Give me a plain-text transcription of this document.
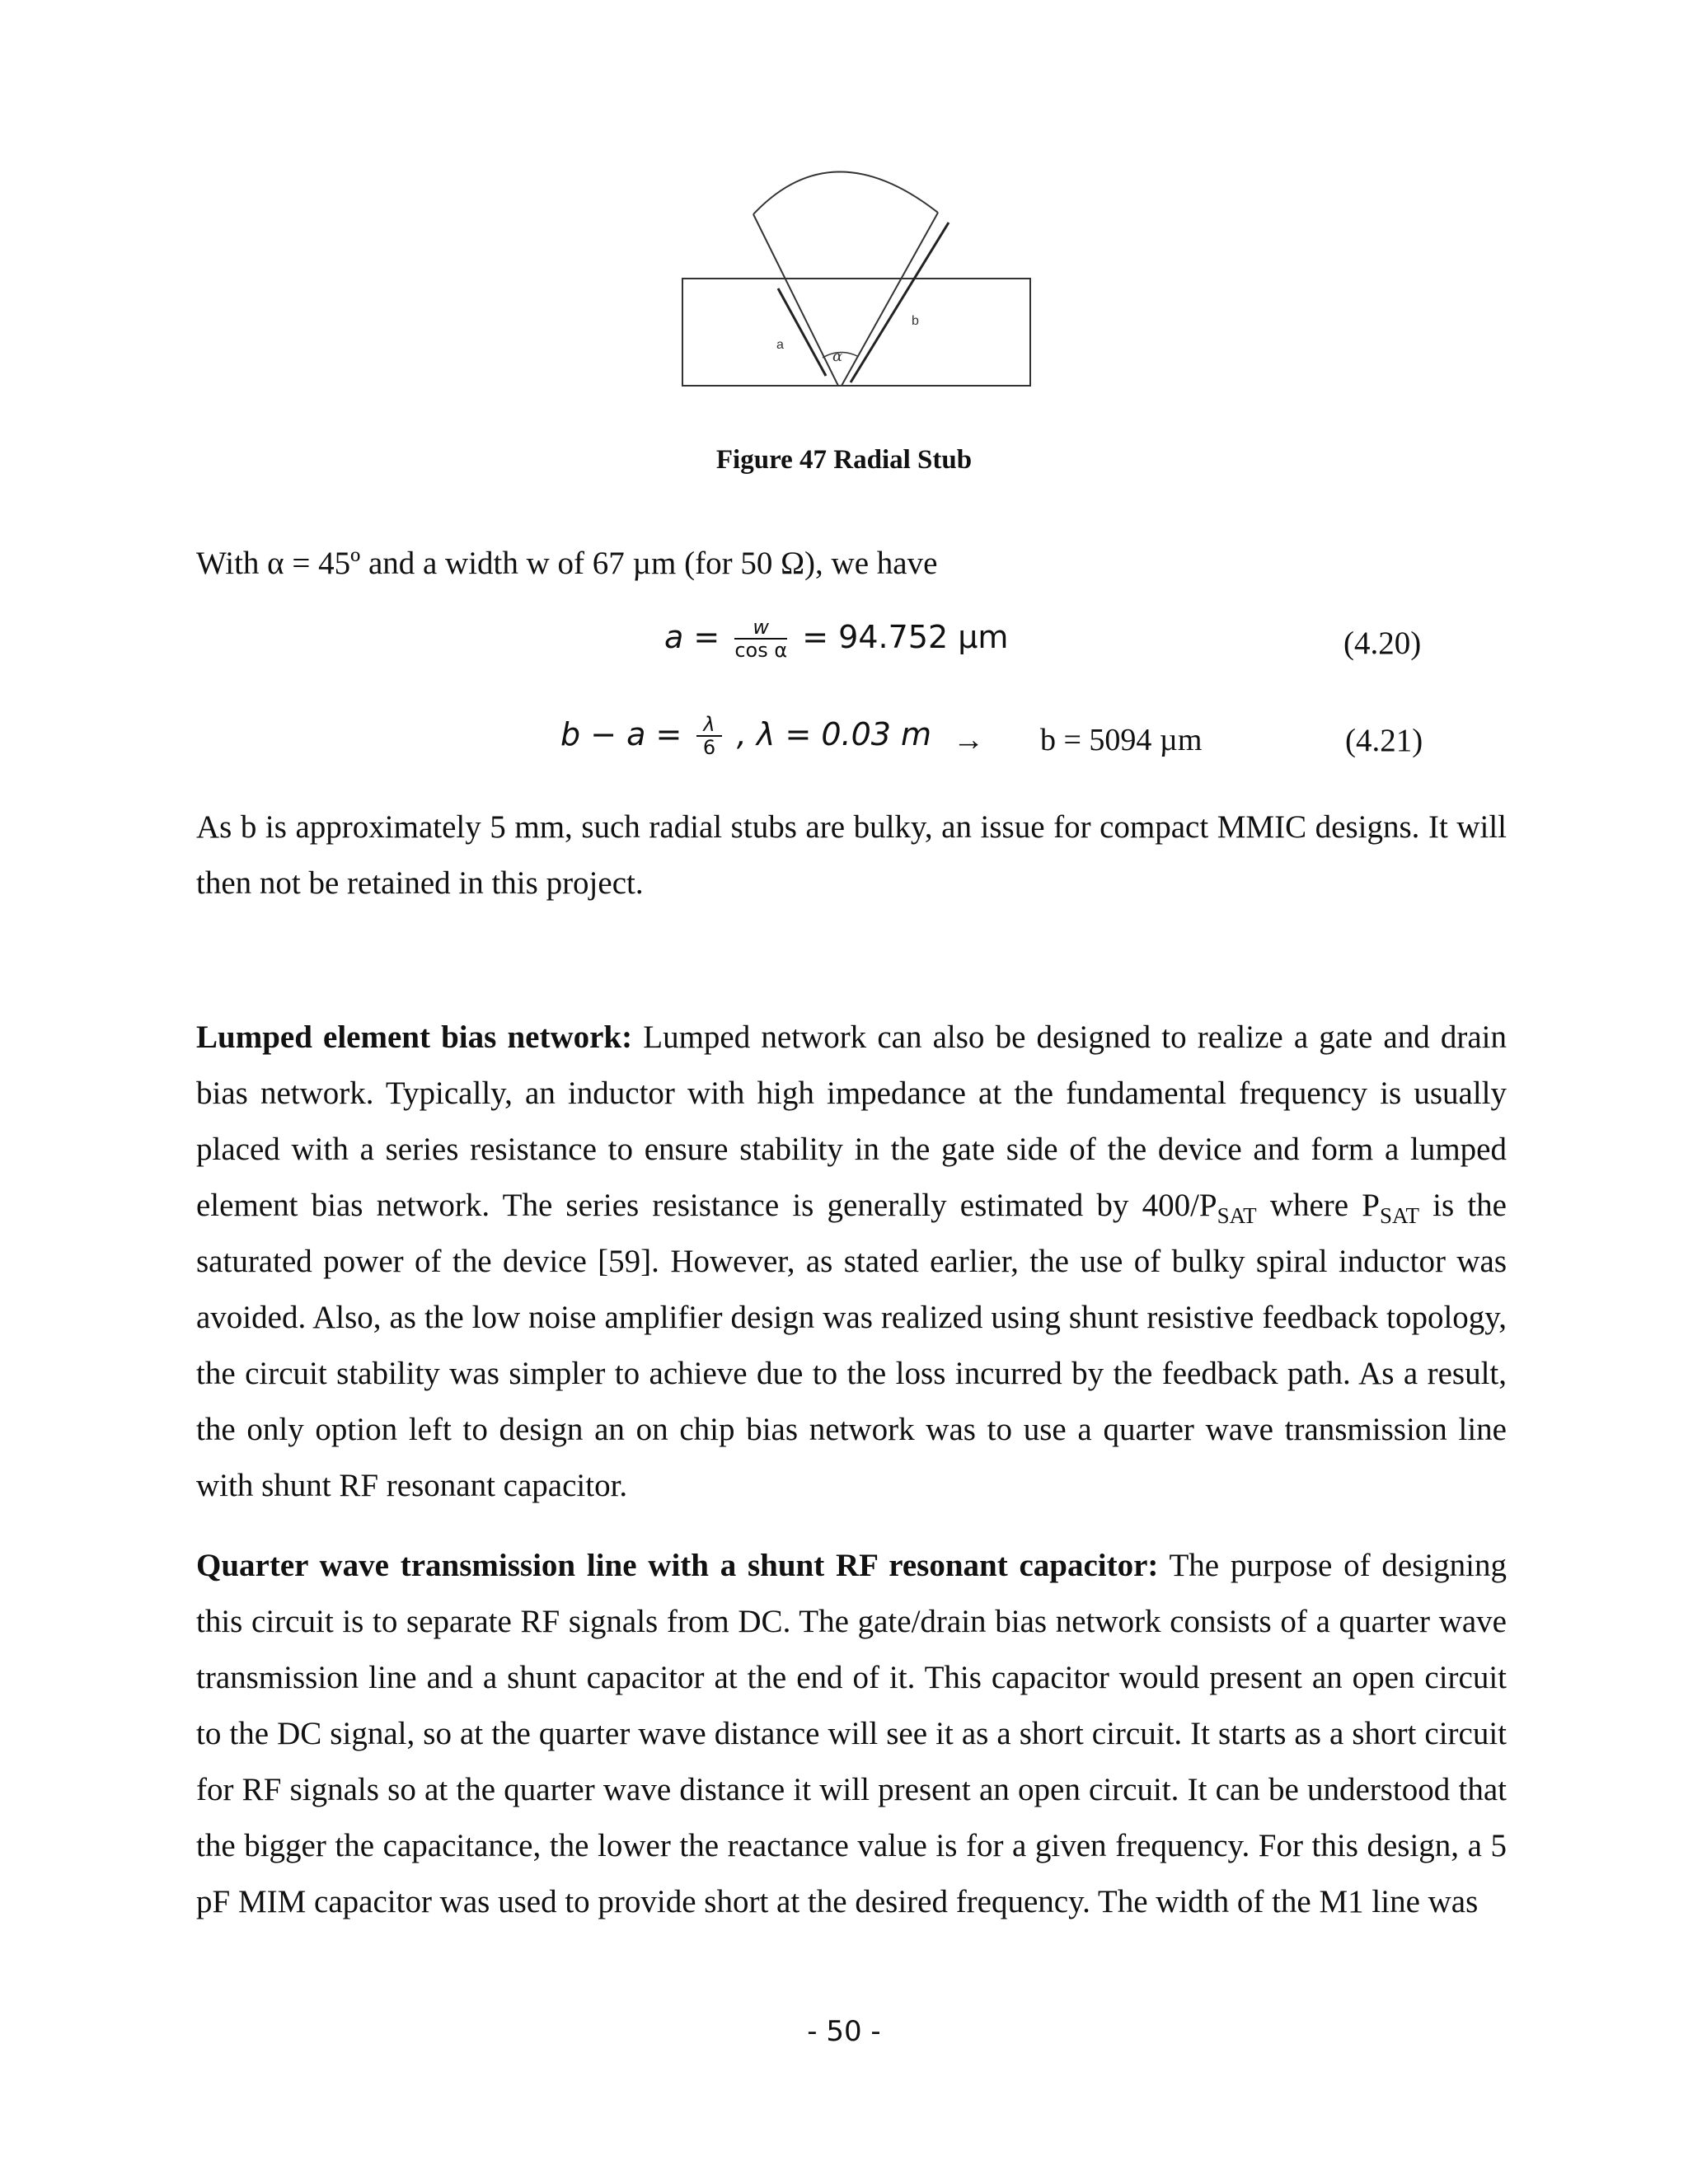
a
b
α
Figure 47 Radial Stub
With α = 45º and a width w of 67 µm (for 50 Ω), we have
$a = \frac{w}{\text{cos α}} = 94.752$ μm	(4.20)
$b - a = \frac{\lambda}{6}$ , λ = 0.03 m → b = 5094 µm	(4.21)
As b is approximately 5 mm, such radial stubs are bulky, an issue for compact MMIC designs. It will then not be retained in this project.
Lumped element bias network: Lumped network can also be designed to realize a gate and drain bias network. Typically, an inductor with high impedance at the fundamental frequency is usually placed with a series resistance to ensure stability in the gate side of the device and form a lumped element bias network. The series resistance is generally estimated by $400/P_{SAT}$ where $P_{SAT}$ is the saturated power of the device [59]. However, as stated earlier, the use of bulky spiral inductor was avoided. Also, as the low noise amplifier design was realized using shunt resistive feedback topology, the circuit stability was simpler to achieve due to the loss incurred by the feedback path. As a result, the only option left to design an on chip bias network was to use a quarter wave transmission line with shunt RF resonant capacitor.
Quarter wave transmission line with a shunt RF resonant capacitor: The purpose of designing this circuit is to separate RF signals from DC. The gate/drain bias network consists of a quarter wave transmission line and a shunt capacitor at the end of it. This capacitor would present an open circuit to the DC signal, so at the quarter wave distance will see it as a short circuit. It starts as a short circuit for RF signals so at the quarter wave distance it will present an open circuit. It can be understood that the bigger the capacitance, the lower the reactance value is for a given frequency. For this design, a 5 pF MIM capacitor was used to provide short at the desired frequency. The width of the M1 line was
- 50 -
